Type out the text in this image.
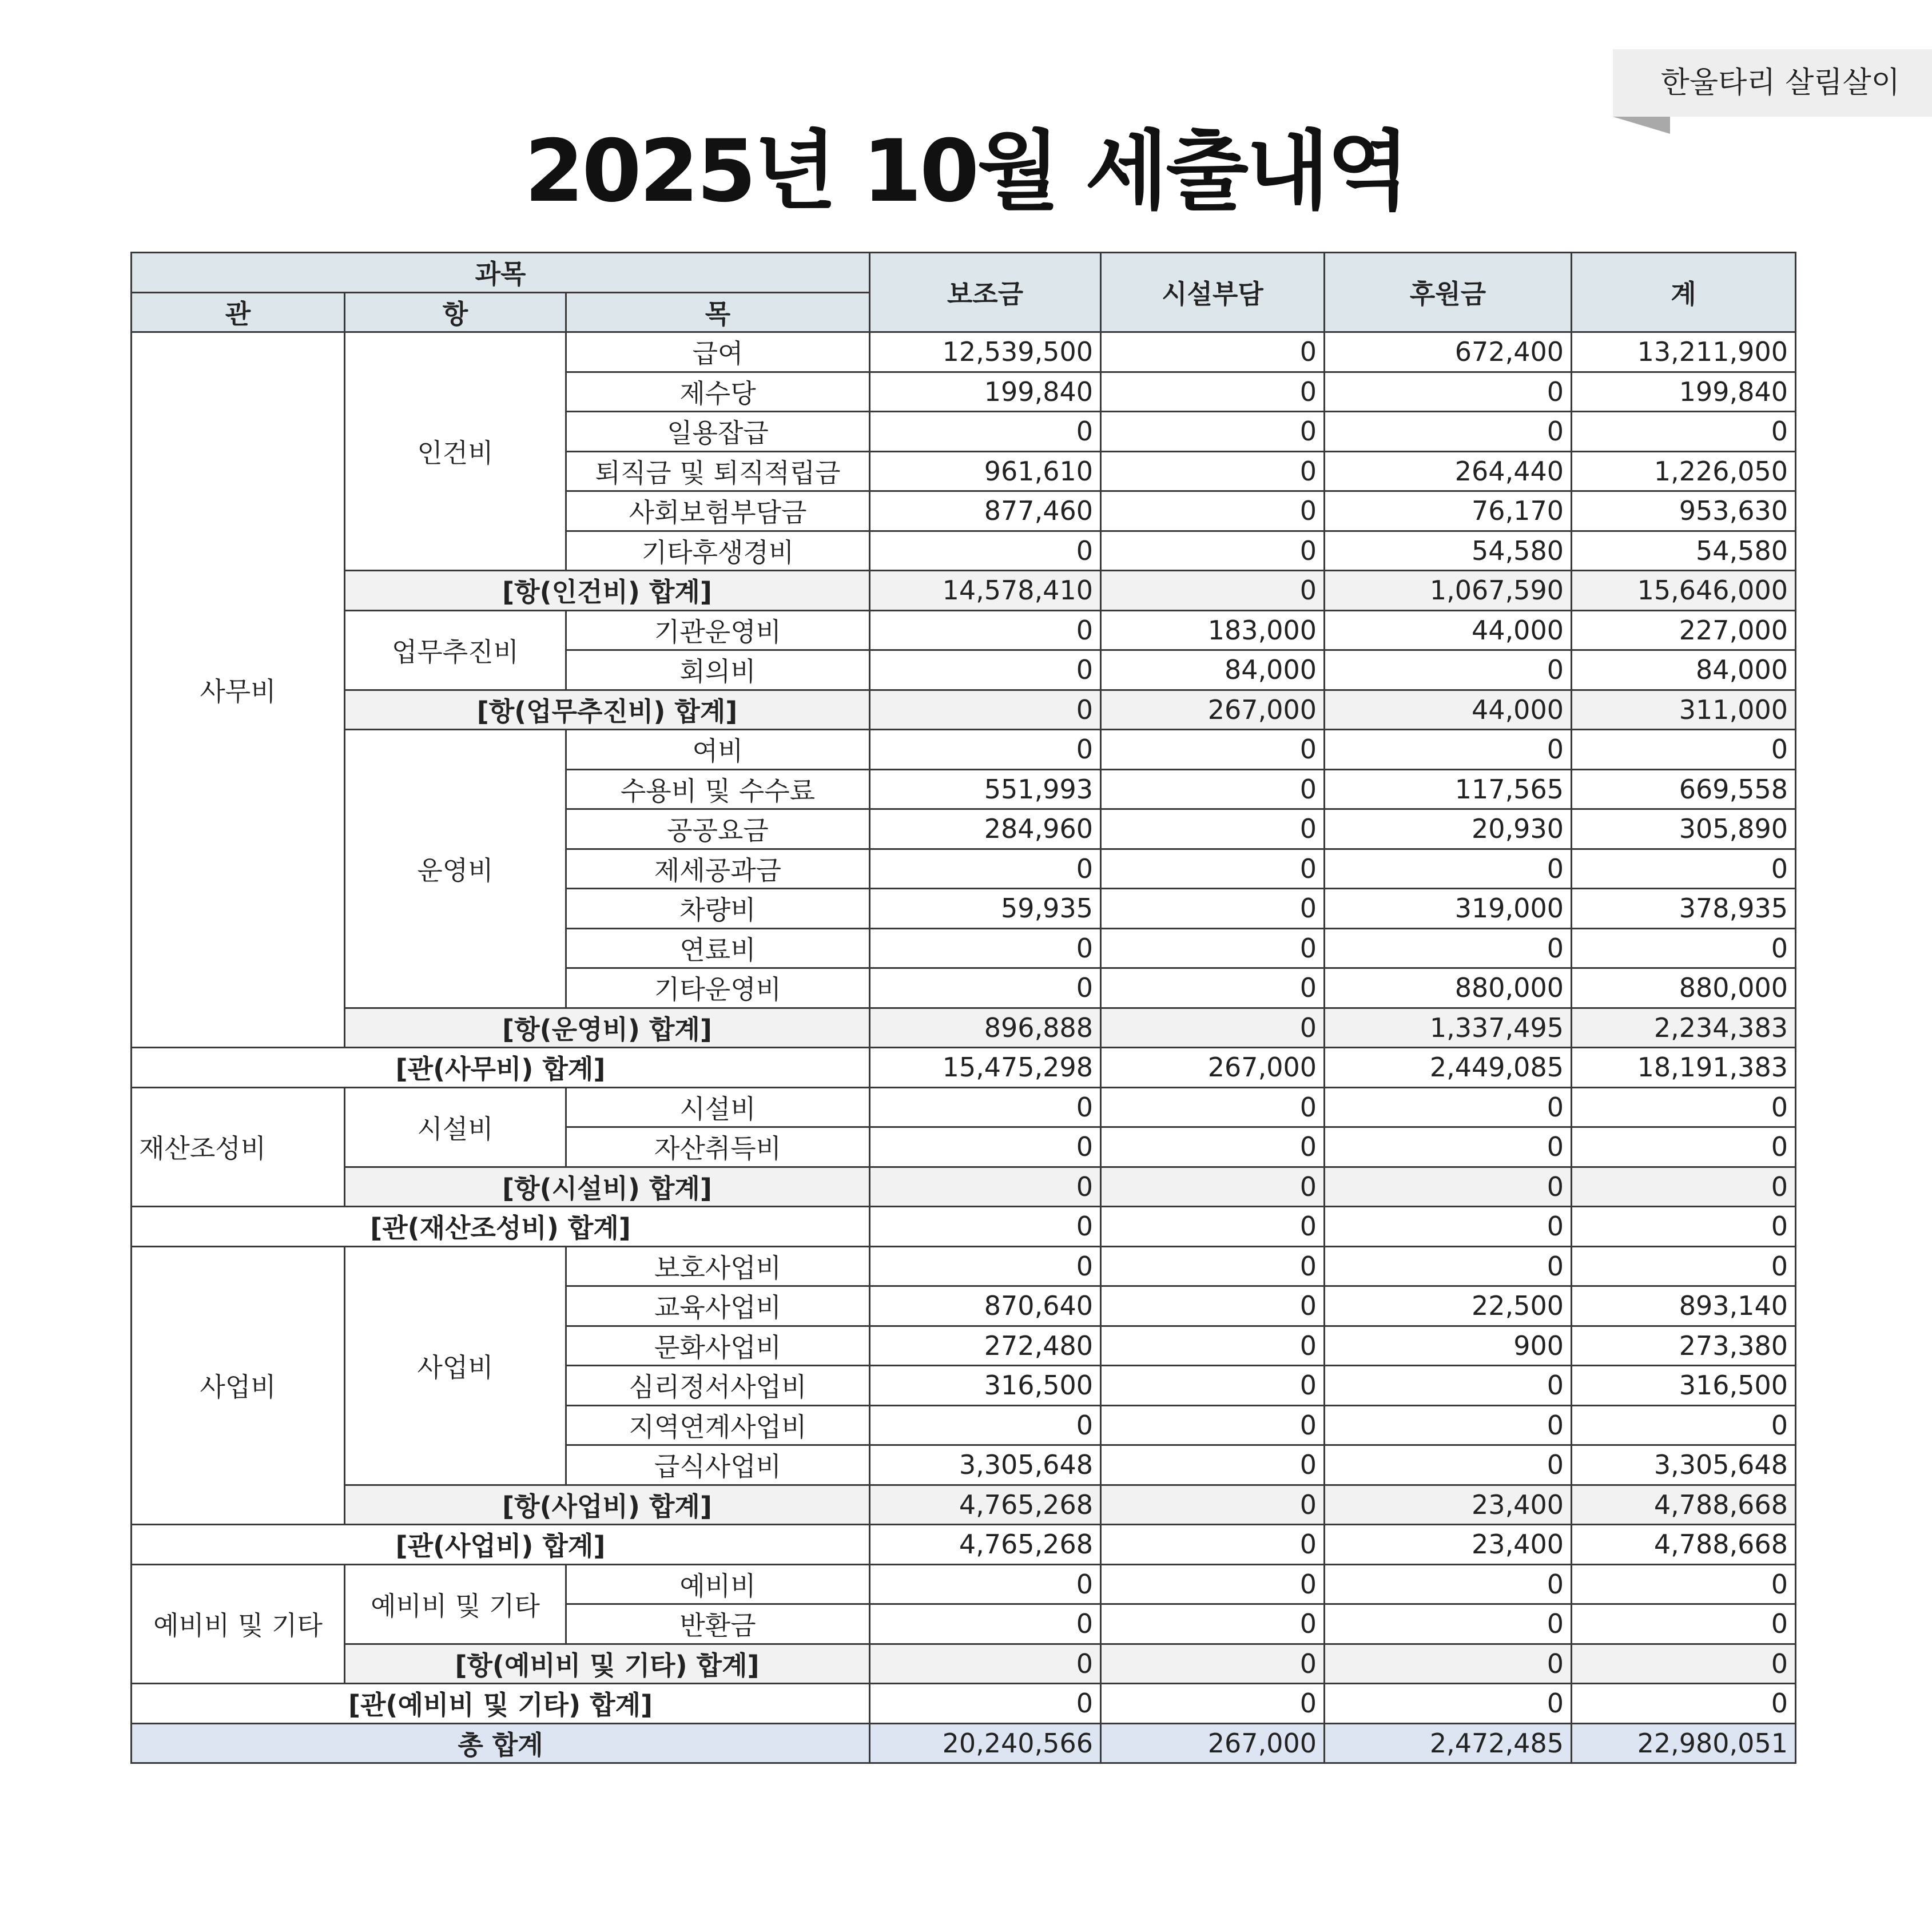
한울타리 살림살이
2025년 10월 세출내역
과목			보조금	시설부담	후원금	계
관	항	목				
사무비	인건비	급여	12,539,500	0	672,400	13,211,900
		제수당	199,840	0	0	199,840
		일용잡급	0	0	0	0
		퇴직금 및 퇴직적립금	961,610	0	264,440	1,226,050
		사회보험부담금	877,460	0	76,170	953,630
		기타후생경비	0	0	54,580	54,580
	[항(인건비) 합계]		14,578,410	0	1,067,590	15,646,000
	업무추진비	기관운영비	0	183,000	44,000	227,000
		회의비	0	84,000	0	84,000
	[항(업무추진비) 합계]		0	267,000	44,000	311,000
	운영비	여비	0	0	0	0
		수용비 및 수수료	551,993	0	117,565	669,558
		공공요금	284,960	0	20,930	305,890
		제세공과금	0	0	0	0
		차량비	59,935	0	319,000	378,935
		연료비	0	0	0	0
		기타운영비	0	0	880,000	880,000
	[항(운영비) 합계]		896,888	0	1,337,495	2,234,383
[관(사무비) 합계]			15,475,298	267,000	2,449,085	18,191,383
재산조성비	시설비	시설비	0	0	0	0
		자산취득비	0	0	0	0
	[항(시설비) 합계]		0	0	0	0
[관(재산조성비) 합계]			0	0	0	0
사업비	사업비	보호사업비	0	0	0	0
		교육사업비	870,640	0	22,500	893,140
		문화사업비	272,480	0	900	273,380
		심리정서사업비	316,500	0	0	316,500
		지역연계사업비	0	0	0	0
		급식사업비	3,305,648	0	0	3,305,648
	[항(사업비) 합계]		4,765,268	0	23,400	4,788,668
[관(사업비) 합계]			4,765,268	0	23,400	4,788,668
예비비 및 기타	예비비 및 기타	예비비	0	0	0	0
		반환금	0	0	0	0
	[항(예비비 및 기타) 합계]		0	0	0	0
[관(예비비 및 기타) 합계]			0	0	0	0
총 합계			20,240,566	267,000	2,472,485	22,980,051
